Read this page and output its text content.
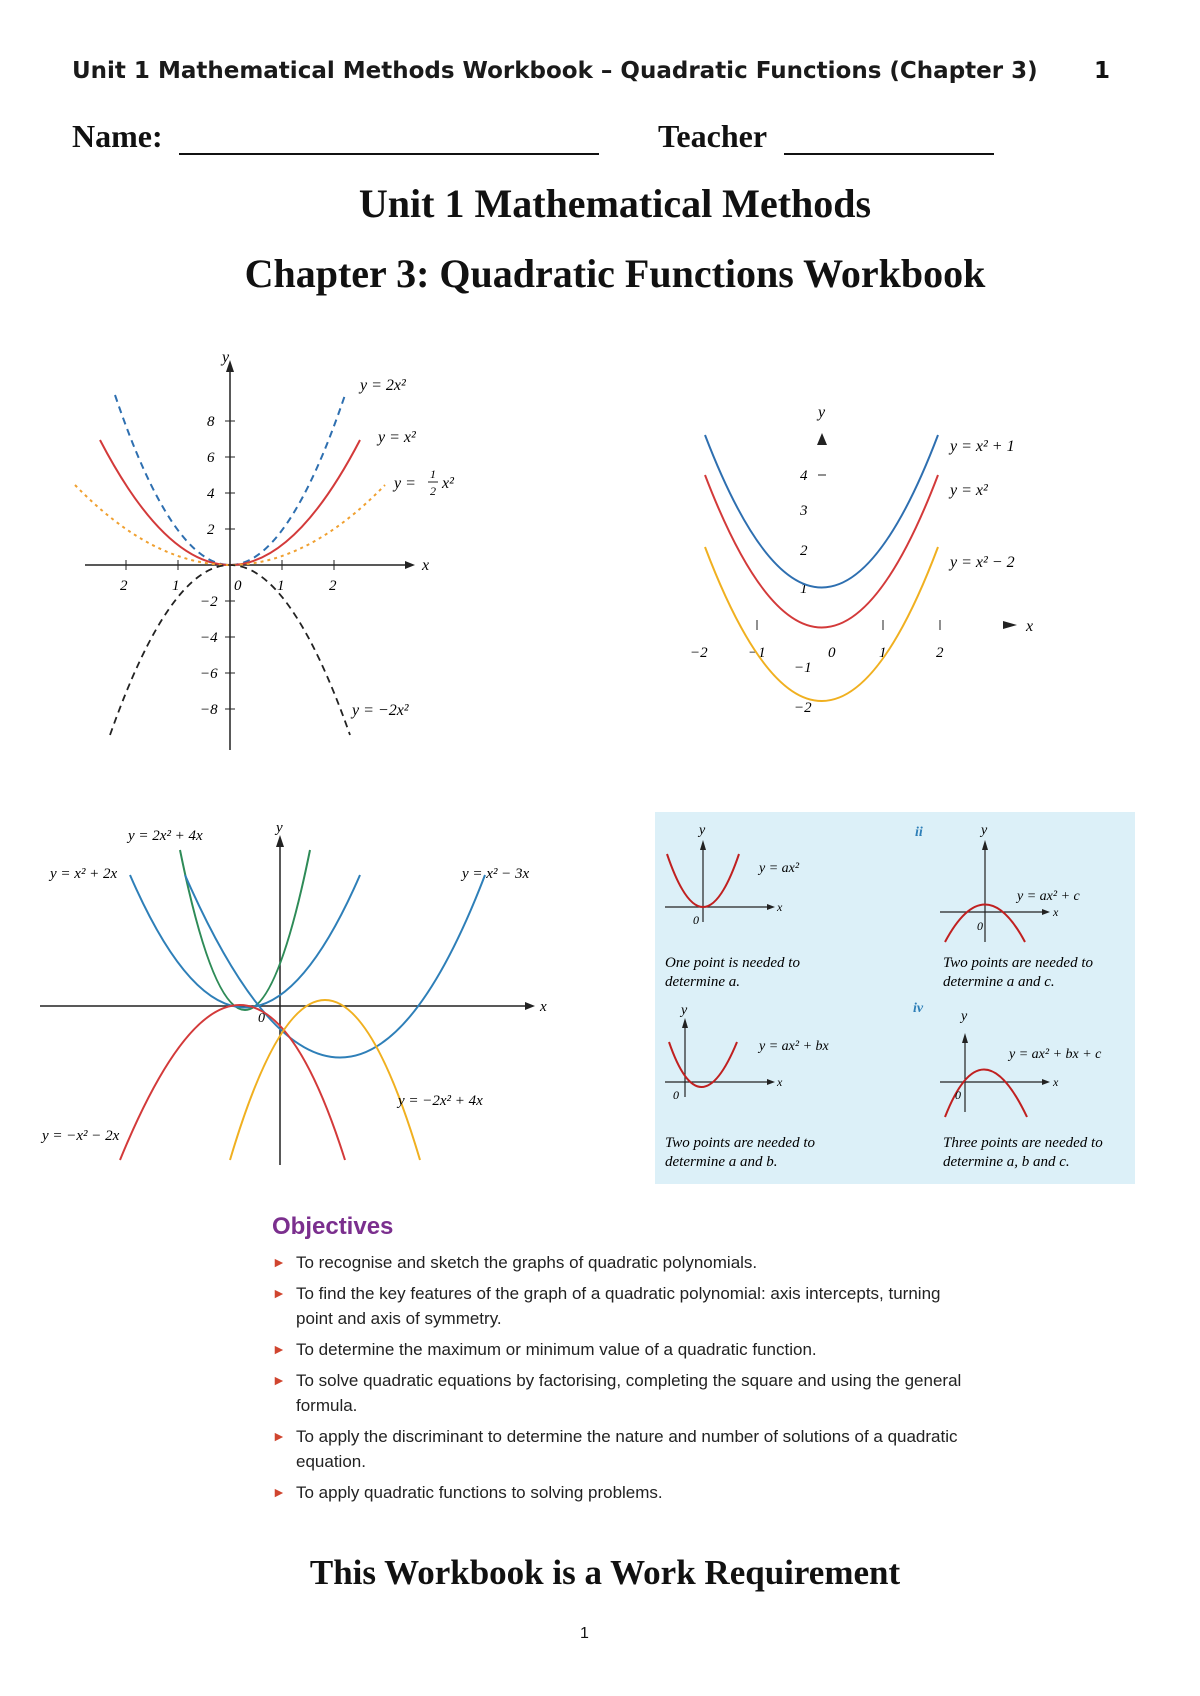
Unit 1 Mathematical Methods Workbook – Quadratic Functions (Chapter 3) 1
Name:	Teacher
Unit 1 Mathematical Methods
Chapter 3: Quadratic Functions Workbook
y
x
8
6
4
2
−2
−4
−6
−8
2	1	0 1	2
y = 2x²
y = x²
y =
1
2 x²
y = −2x²
y
x
4
3
2
1
−1
−2
−2	−1	0	1	2
y = x² + 1
y = x²
y = x² − 2
y
x
0
y = 2x² + 4x
y = x² + 2x	y = x² − 3x
y = −2x² + 4x
y = −x² − 2x
y
x
0
y = ax²
One point is needed to
determine a.
ii	y
x
0
y = ax² + c
Two points are needed to
determine a and c.
y
x
0
y = ax² + bx
Two points are needed to
determine a and b.
iv
y
x
0
y = ax² + bx + c
Three points are needed to
determine a, b and c.
Objectives
► To recognise and sketch the graphs of quadratic polynomials.
► To find the key features of the graph of a quadratic polynomial: axis intercepts, turning point and axis of symmetry.
► To determine the maximum or minimum value of a quadratic function.
► To solve quadratic equations by factorising, completing the square and using the general formula.
► To apply the discriminant to determine the nature and number of solutions of a quadratic equation.
► To apply quadratic functions to solving problems.
This Workbook is a Work Requirement
1
